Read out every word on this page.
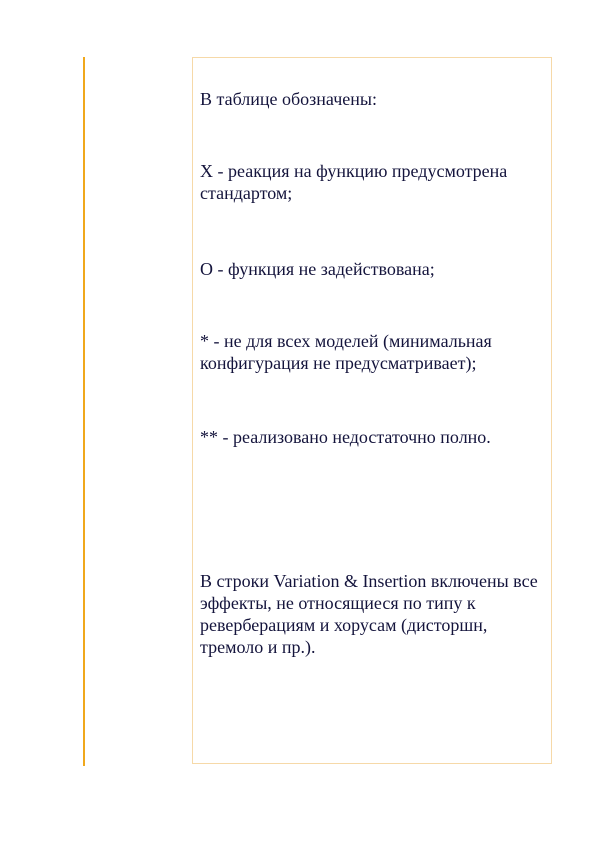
В таблице обозначены:

X - реакция на функцию предусмотрена стандартом;

О - функция не задействована;

* - не для всех моделей (минимальная конфигурация не предусматривает);

** - реализовано недостаточно полно.

В строки Variation & Insertion включены все эффекты, не относящиеся по типу к реверберациям и хорусам (дисторшн, тремоло и пр.).
